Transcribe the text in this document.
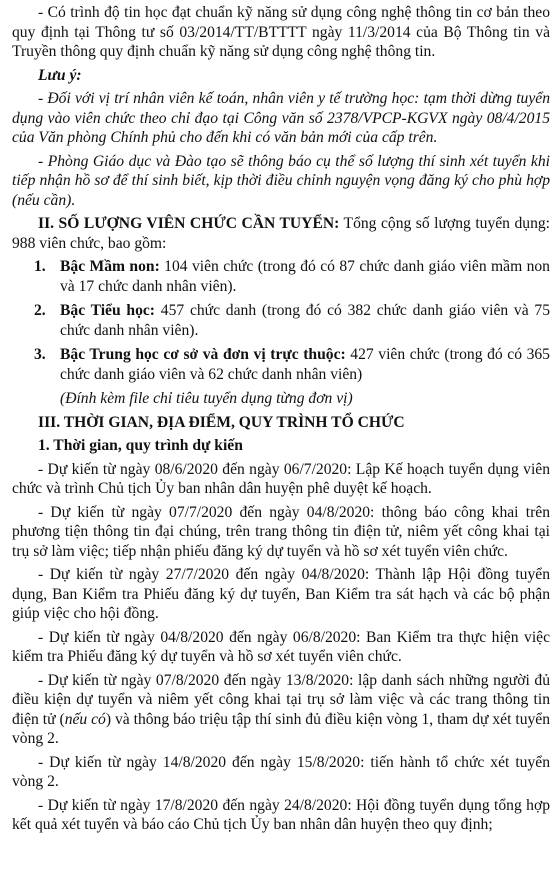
- Có trình độ tin học đạt chuẩn kỹ năng sử dụng công nghệ thông tin cơ bản theo quy định tại Thông tư số 03/2014/TT/BTTTT ngày 11/3/2014 của Bộ Thông tin và Truyền thông quy định chuẩn kỹ năng sử dụng công nghệ thông tin.

Lưu ý:

- Đối với vị trí nhân viên kế toán, nhân viên y tế trường học: tạm thời dừng tuyển dụng vào viên chức theo chỉ đạo tại Công văn số 2378/VPCP-KGVX ngày 08/4/2015 của Văn phòng Chính phủ cho đến khi có văn bản mới của cấp trên.

- Phòng Giáo dục và Đào tạo sẽ thông báo cụ thể số lượng thí sinh xét tuyển khi tiếp nhận hồ sơ để thí sinh biết, kịp thời điều chỉnh nguyện vọng đăng ký cho phù hợp (nếu cần).

II. SỐ LƯỢNG VIÊN CHỨC CẦN TUYỂN: Tổng cộng số lượng tuyển dụng: 988 viên chức, bao gồm:

1. Bậc Mầm non: 104 viên chức (trong đó có 87 chức danh giáo viên mầm non và 17 chức danh nhân viên).
2. Bậc Tiểu học: 457 chức danh (trong đó có 382 chức danh giáo viên và 75 chức danh nhân viên).
3. Bậc Trung học cơ sở và đơn vị trực thuộc: 427 viên chức (trong đó có 365 chức danh giáo viên và 62 chức danh nhân viên)

(Đính kèm file chỉ tiêu tuyển dụng từng đơn vị)

III. THỜI GIAN, ĐỊA ĐIỂM, QUY TRÌNH TỔ CHỨC

1. Thời gian, quy trình dự kiến

- Dự kiến từ ngày 08/6/2020 đến ngày 06/7/2020: Lập Kế hoạch tuyển dụng viên chức và trình Chủ tịch Ủy ban nhân dân huyện phê duyệt kế hoạch.

- Dự kiến từ ngày 07/7/2020 đến ngày 04/8/2020: thông báo công khai trên phương tiện thông tin đại chúng, trên trang thông tin điện tử, niêm yết công khai tại trụ sở làm việc; tiếp nhận phiếu đăng ký dự tuyển và hồ sơ xét tuyển viên chức.

- Dự kiến từ ngày 27/7/2020 đến ngày 04/8/2020: Thành lập Hội đồng tuyển dụng, Ban Kiểm tra Phiếu đăng ký dự tuyển, Ban Kiểm tra sát hạch và các bộ phận giúp việc cho hội đồng.

- Dự kiến từ ngày 04/8/2020 đến ngày 06/8/2020: Ban Kiểm tra thực hiện việc kiểm tra Phiếu đăng ký dự tuyển và hồ sơ xét tuyển viên chức.

- Dự kiến từ ngày 07/8/2020 đến ngày 13/8/2020: lập danh sách những người đủ điều kiện dự tuyển và niêm yết công khai tại trụ sở làm việc và các trang thông tin điện tử (nếu có) và thông báo triệu tập thí sinh đủ điều kiện vòng 1, tham dự xét tuyển vòng 2.

- Dự kiến từ ngày 14/8/2020 đến ngày 15/8/2020: tiến hành tổ chức xét tuyển vòng 2.

- Dự kiến từ ngày 17/8/2020 đến ngày 24/8/2020: Hội đồng tuyển dụng tổng hợp kết quả xét tuyển và báo cáo Chủ tịch Ủy ban nhân dân huyện theo quy định;
